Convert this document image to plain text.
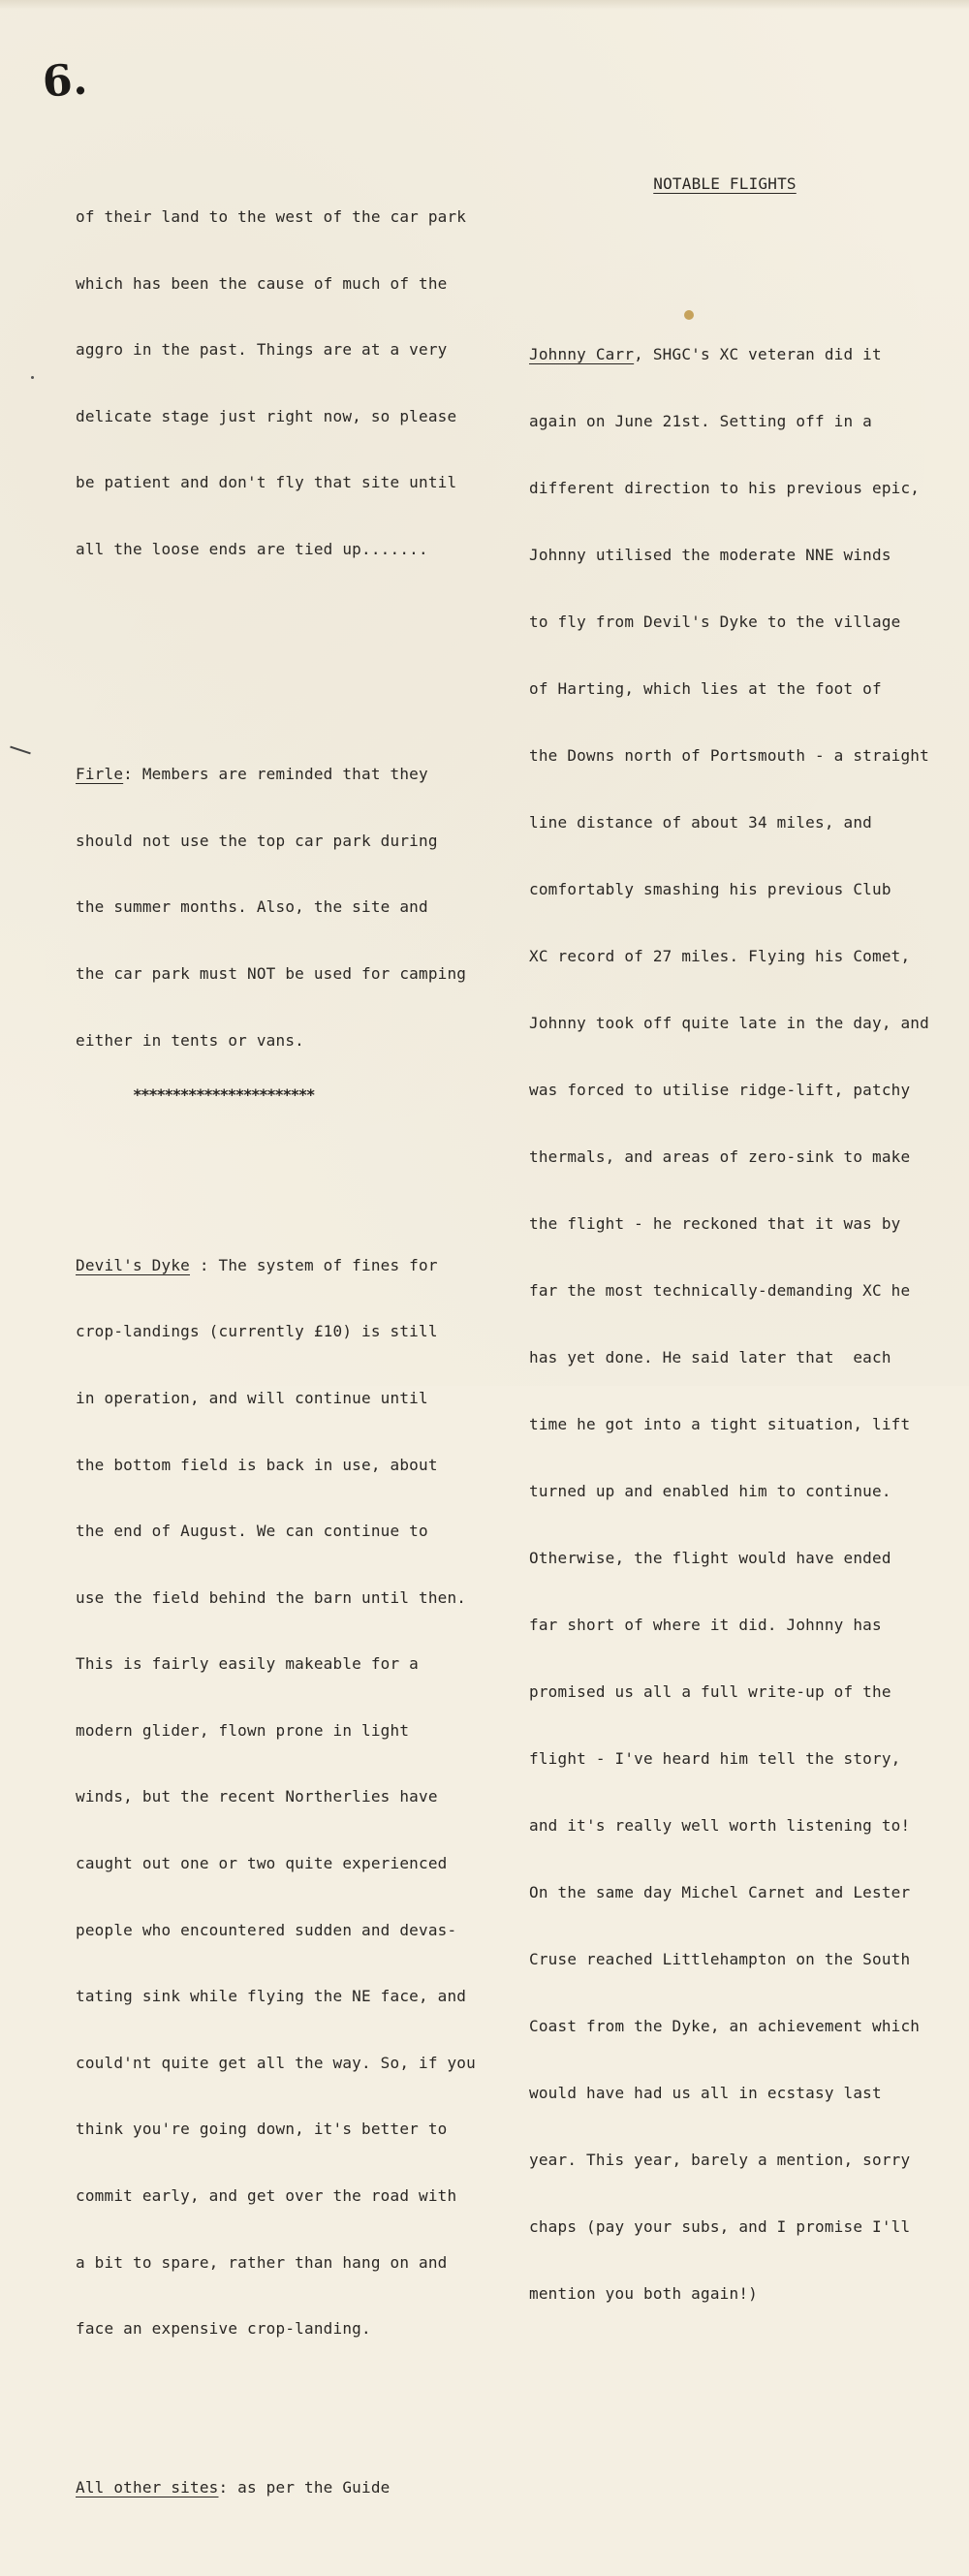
6.

of their land to the west of the car park

which has been the cause of much of the

aggro in the past. Things are at a very

delicate stage just right now, so please

be patient and don't fly that site until

all the loose ends are tied up.......

Firle: Members are reminded that they

should not use the top car park during

the summer months. Also, the site and

the car park must NOT be used for camping

either in tents or vans.

Devil's Dyke : The system of fines for

crop-landings (currently £10) is still

in operation, and will continue until

the bottom field is back in use, about

the end of August. We can continue to

use the field behind the barn until then.

This is fairly easily makeable for a

modern glider, flown prone in light

winds, but the recent Northerlies have

caught out one or two quite experienced

people who encountered sudden and devas-

tating sink while flying the NE face, and

could'nt quite get all the way. So, if you

think you're going down, it's better to

commit early, and get over the road with

a bit to spare, rather than hang on and

face an expensive crop-landing.

All other sites: as per the Guide

***********************

NOTABLE FLIGHTS

Johnny Carr, SHGC's XC veteran did it

again on June 21st. Setting off in a

different direction to his previous epic,

Johnny utilised the moderate NNE winds

to fly from Devil's Dyke to the village

of Harting, which lies at the foot of

the Downs north of Portsmouth - a straight

line distance of about 34 miles, and

comfortably smashing his previous Club

XC record of 27 miles. Flying his Comet,

Johnny took off quite late in the day, and

was forced to utilise ridge-lift, patchy

thermals, and areas of zero-sink to make

the flight - he reckoned that it was by

far the most technically-demanding XC he

has yet done. He said later that  each

time he got into a tight situation, lift

turned up and enabled him to continue.

Otherwise, the flight would have ended

far short of where it did. Johnny has

promised us all a full write-up of the

flight - I've heard him tell the story,

and it's really well worth listening to!

On the same day Michel Carnet and Lester

Cruse reached Littlehampton on the South

Coast from the Dyke, an achievement which

would have had us all in ecstasy last

year. This year, barely a mention, sorry

chaps (pay your subs, and I promise I'll

mention you both again!)
